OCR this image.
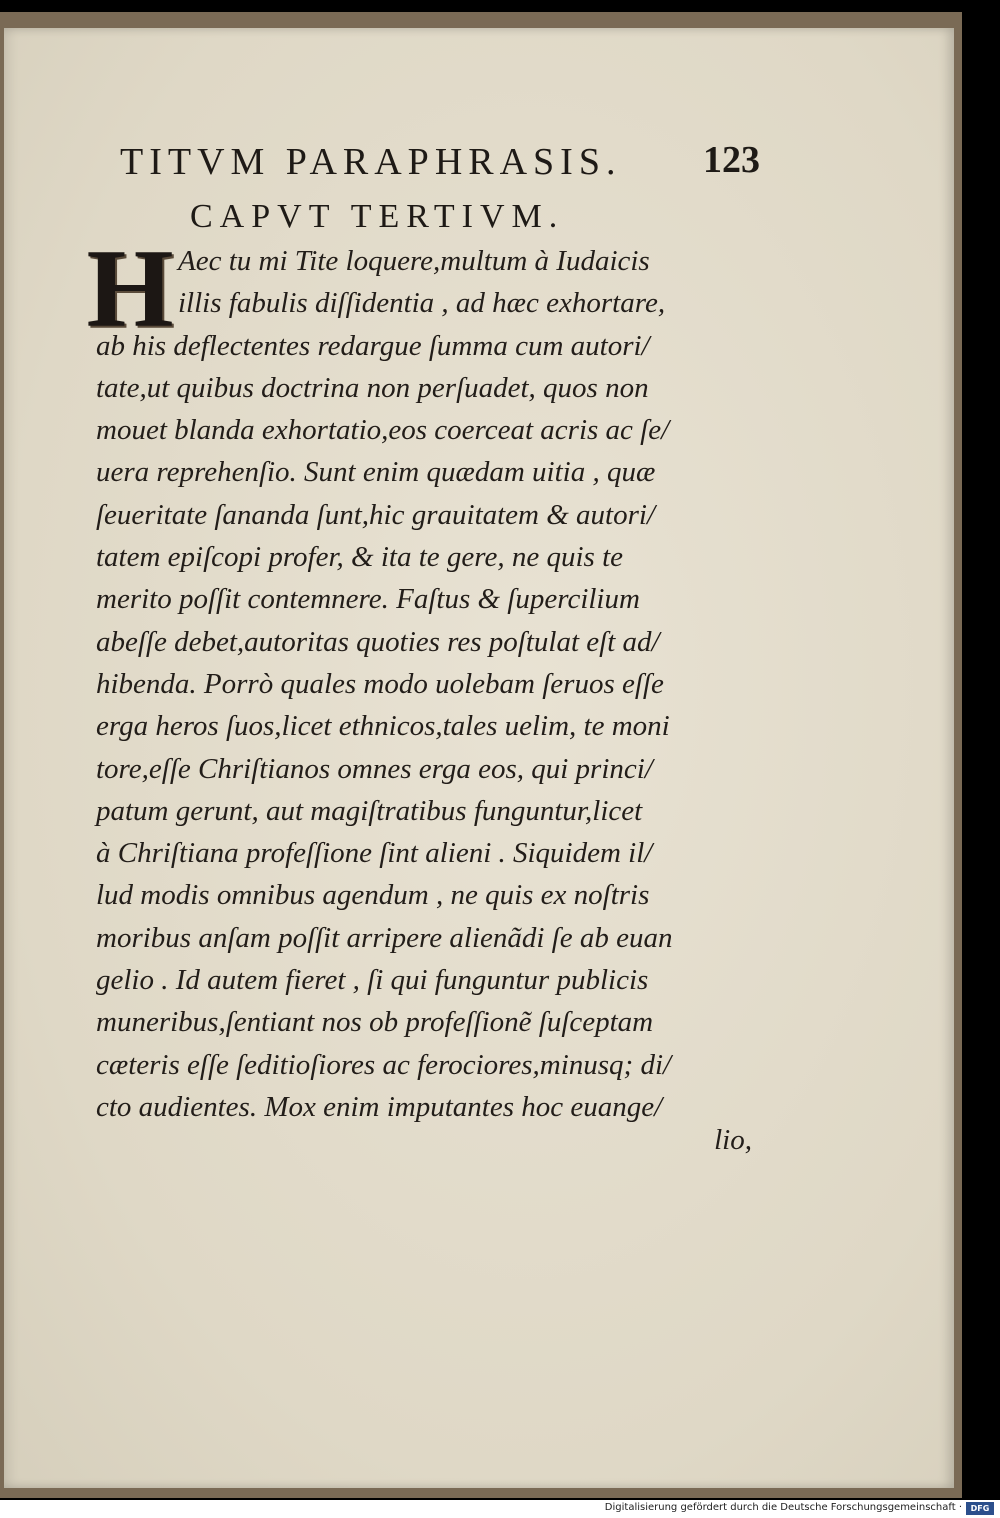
TITVM PARAPHRASIS. 123
CAPVT TERTIVM.
H Aec tu mi Tite loquere,multum à Iudaicis
illis fabulis diſſidentia , ad hæc exhortare,
ab his deflectentes redargue ſumma cum autori/
tate,ut quibus doctrina non perſuadet, quos non
mouet blanda exhortatio,eos coerceat acris ac ſe/
uera reprehenſio. Sunt enim quædam uitia , quæ
ſeueritate ſananda ſunt,hic grauitatem & autori/
tatem epiſcopi profer, & ita te gere, ne quis te
merito poſſit contemnere. Faſtus & ſupercilium
abeſſe debet,autoritas quoties res poſtulat eſt ad/
hibenda. Porrò quales modo uolebam ſeruos eſſe
erga heros ſuos,licet ethnicos,tales uelim, te moni
tore,eſſe Chriſtianos omnes erga eos, qui princi/
patum gerunt, aut magiſtratibus funguntur,licet
à Chriſtiana profeſſione ſint alieni . Siquidem il/
lud modis omnibus agendum , ne quis ex noſtris
moribus anſam poſſit arripere alienãdi ſe ab euan
gelio . Id autem fieret , ſi qui funguntur publicis
muneribus,ſentiant nos ob profeſſionẽ ſuſceptam
cæteris eſſe ſeditioſiores ac ferociores,minusq; di/
cto audientes. Mox enim imputantes hoc euange/
lio,
Digitalisierung gefördert durch die Deutsche Forschungsgemeinschaft ·	DFG
